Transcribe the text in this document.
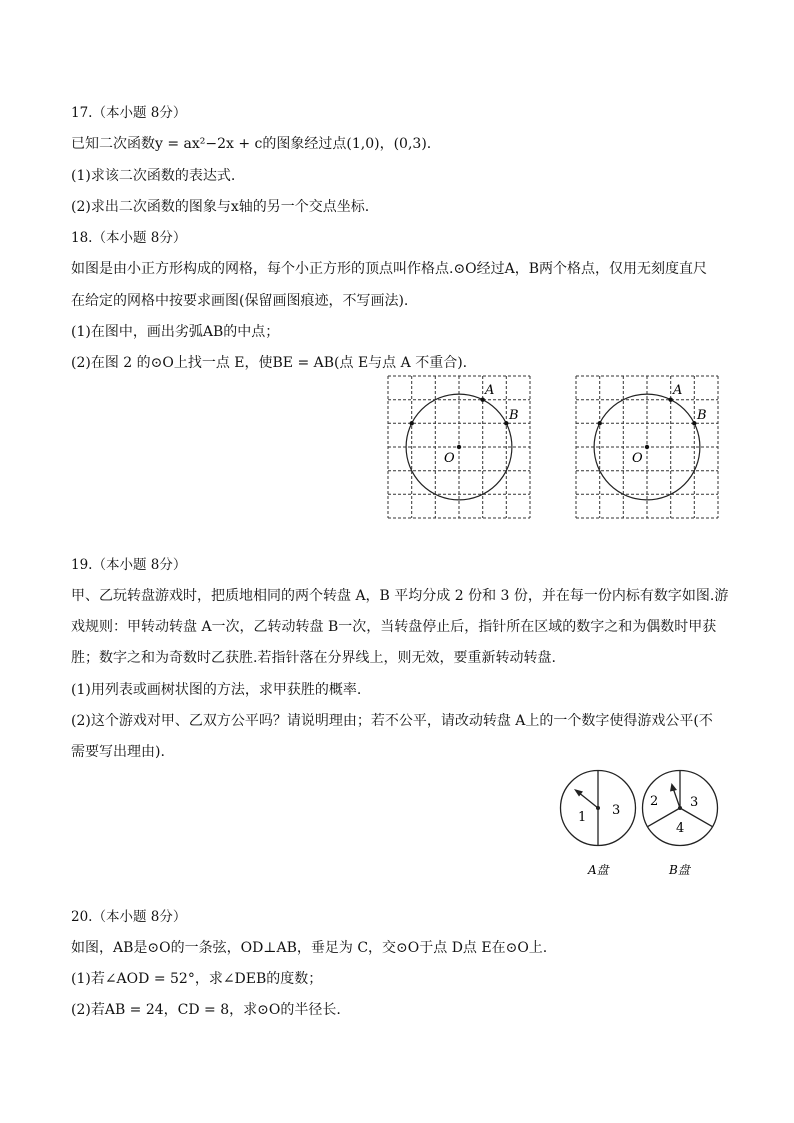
17.（本小题 8分）
已知二次函数y = ax²−2x + c的图象经过点(1,0)，(0,3).
(1)求该二次函数的表达式.
(2)求出二次函数的图象与x轴的另一个交点坐标.
18.（本小题 8分）
如图是由小正方形构成的网格，每个小正方形的顶点叫作格点.⊙O经过A，B两个格点，仅用无刻度直尺
在给定的网格中按要求画图(保留画图痕迹，不写画法).
(1)在图中，画出劣弧AB的中点；
(2)在图 2 的⊙O上找一点 E，使BE = AB(点 E与点 A 不重合).
A
B
O
A
B
O
19.（本小题 8分）
甲、乙玩转盘游戏时，把质地相同的两个转盘 A，B 平均分成 2 份和 3 份，并在每一份内标有数字如图.游
戏规则：甲转动转盘 A一次，乙转动转盘 B一次，当转盘停止后，指针所在区域的数字之和为偶数时甲获
胜；数字之和为奇数时乙获胜.若指针落在分界线上，则无效，要重新转动转盘.
(1)用列表或画树状图的方法，求甲获胜的概率.
(2)这个游戏对甲、乙双方公平吗？请说明理由；若不公平，请改动转盘 A上的一个数字使得游戏公平(不
需要写出理由).
1 3
A盘
2 3
4
B盘
20.（本小题 8分）
如图，AB是⊙O的一条弦，OD⊥AB，垂足为 C，交⊙O于点 D点 E在⊙O上.
(1)若∠AOD = 52°，求∠DEB的度数；
(2)若AB = 24，CD = 8，求⊙O的半径长.
